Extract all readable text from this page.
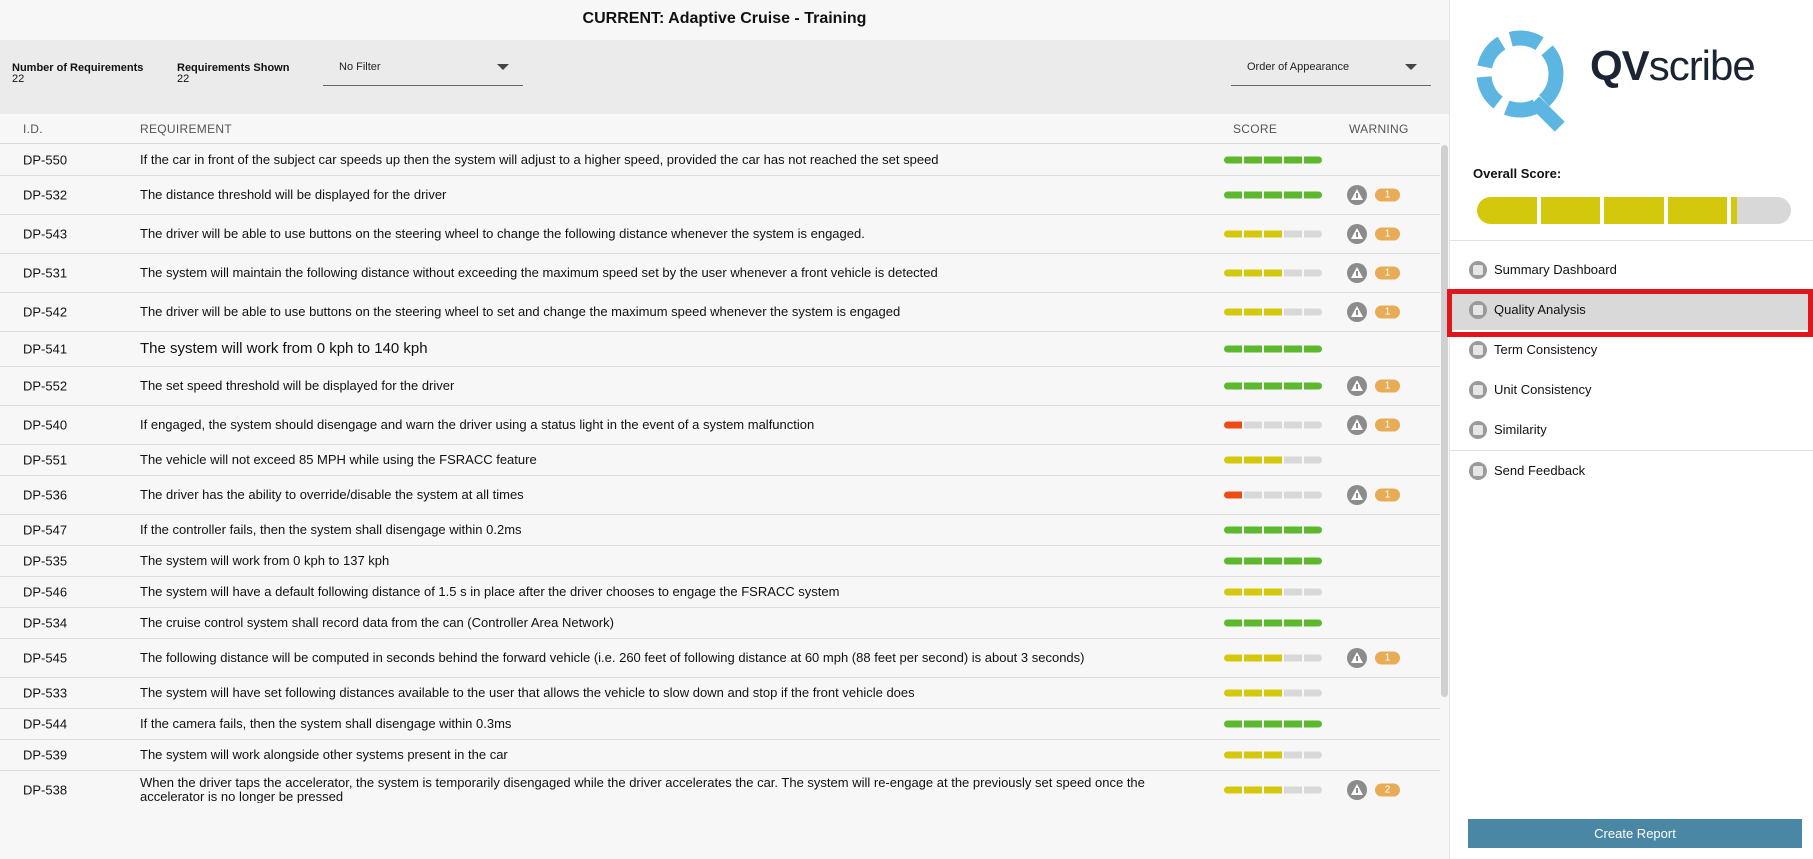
CURRENT: Adaptive Cruise - Training
Number of Requirements
22
Requirements Shown
22
No Filter	Order of Appearance
I.D.	REQUIREMENT	SCORE	WARNING
DP-550	If the car in front of the subject car speeds up then the system will adjust to a higher speed, provided the car has not reached the set speed
DP-532	The distance threshold will be displayed for the driver	1
DP-543	The driver will be able to use buttons on the steering wheel to change the following distance whenever the system is engaged.	1
DP-531	The system will maintain the following distance without exceeding the maximum speed set by the user whenever a front vehicle is detected	1
DP-542	The driver will be able to use buttons on the steering wheel to set and change the maximum speed whenever the system is engaged	1
DP-541	The system will work from 0 kph to 140 kph
DP-552	The set speed threshold will be displayed for the driver	1
DP-540	If engaged, the system should disengage and warn the driver using a status light in the event of a system malfunction	1
DP-551	The vehicle will not exceed 85 MPH while using the FSRACC feature
DP-536	The driver has the ability to override/disable the system at all times	1
DP-547	If the controller fails, then the system shall disengage within 0.2ms
DP-535	The system will work from 0 kph to 137 kph
DP-546	The system will have a default following distance of 1.5 s in place after the driver chooses to engage the FSRACC system
DP-534	The cruise control system shall record data from the can (Controller Area Network)
DP-545	The following distance will be computed in seconds behind the forward vehicle (i.e. 260 feet of following distance at 60 mph (88 feet per second) is about 3 seconds)	1
DP-533	The system will have set following distances available to the user that allows the vehicle to slow down and stop if the front vehicle does
DP-544	If the camera fails, then the system shall disengage within 0.3ms
DP-539	The system will work alongside other systems present in the car
DP-538	When the driver taps the accelerator, the system is temporarily disengaged while the driver accelerates the car. The system will re-engage at the previously set speed once the accelerator is no longer be pressed	2
QVscribe
Overall Score:
Summary Dashboard
Quality Analysis
Term Consistency
Unit Consistency
Similarity
Send Feedback
Create Report
